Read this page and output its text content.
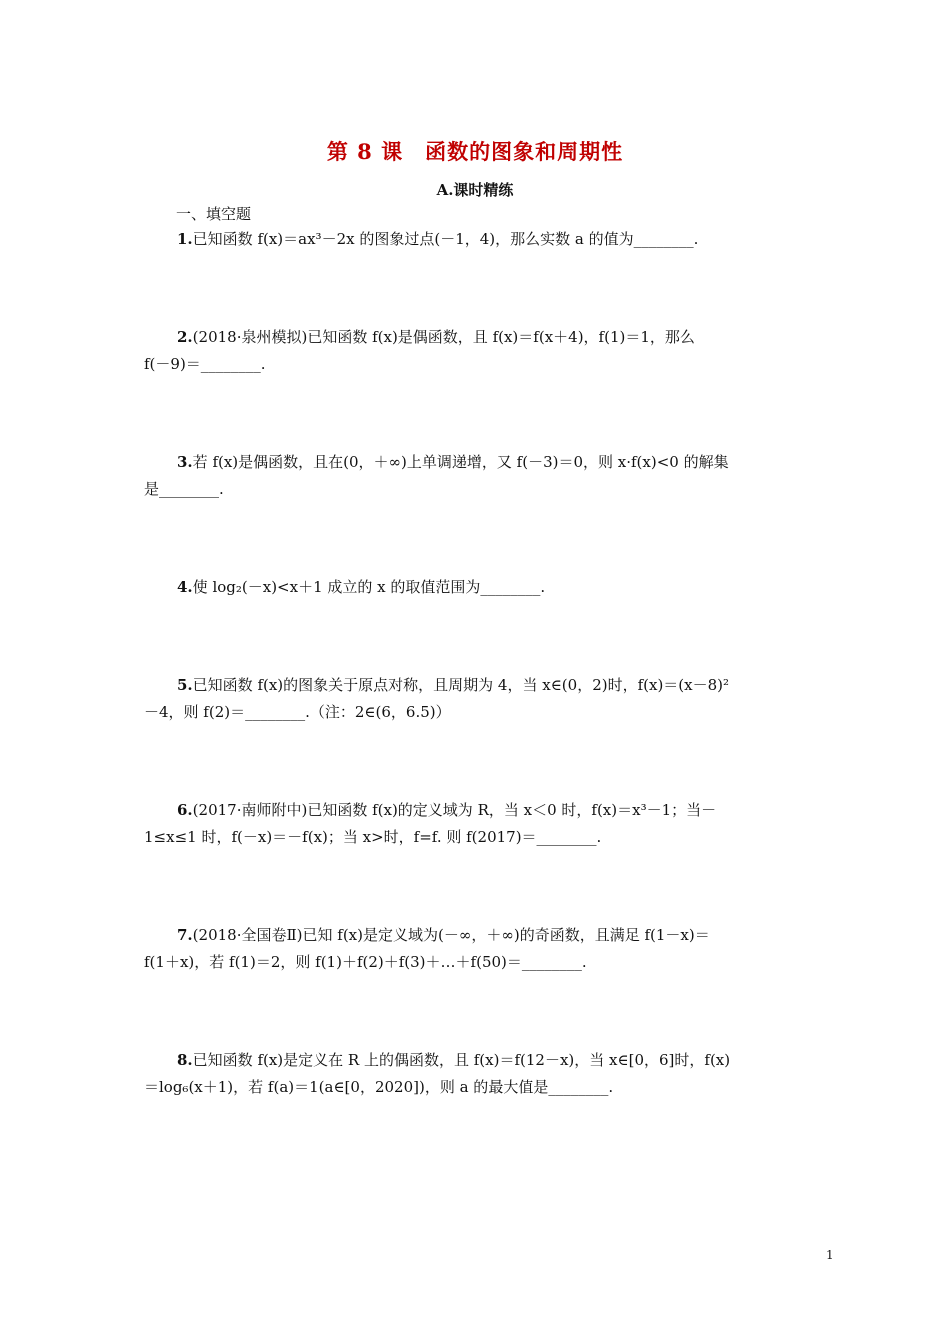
第 8 课　函数的图象和周期性
A.课时精练
一、填空题
1.已知函数 f(x)＝ax³－2x 的图象过点(－1，4)，那么实数 a 的值为________.
2.(2018·泉州模拟)已知函数 f(x)是偶函数，且 f(x)＝f(x＋4)，f(1)＝1，那么
f(－9)＝________.
3.若 f(x)是偶函数，且在(0，＋∞)上单调递增，又 f(－3)＝0，则 x·f(x)<0 的解集
是________.
4.使 log₂(－x)<x＋1 成立的 x 的取值范围为________.
5.已知函数 f(x)的图象关于原点对称，且周期为 4，当 x∈(0，2)时，f(x)＝(x－8)²
－4，则 f(2)＝________.（注：2∈(6，6.5)）
6.(2017·南师附中)已知函数 f(x)的定义域为 R，当 x＜0 时，f(x)＝x³－1；当－
1≤x≤1 时，f(－x)＝－f(x)；当 x>时，f=f. 则 f(2017)＝________.
7.(2018·全国卷Ⅱ)已知 f(x)是定义域为(－∞，＋∞)的奇函数，且满足 f(1－x)＝
f(1＋x)，若 f(1)＝2，则 f(1)＋f(2)＋f(3)＋…＋f(50)＝________.
8.已知函数 f(x)是定义在 R 上的偶函数，且 f(x)＝f(12－x)，当 x∈[0，6]时，f(x)
＝log₆(x＋1)，若 f(a)＝1(a∈[0，2020])，则 a 的最大值是________.
1
